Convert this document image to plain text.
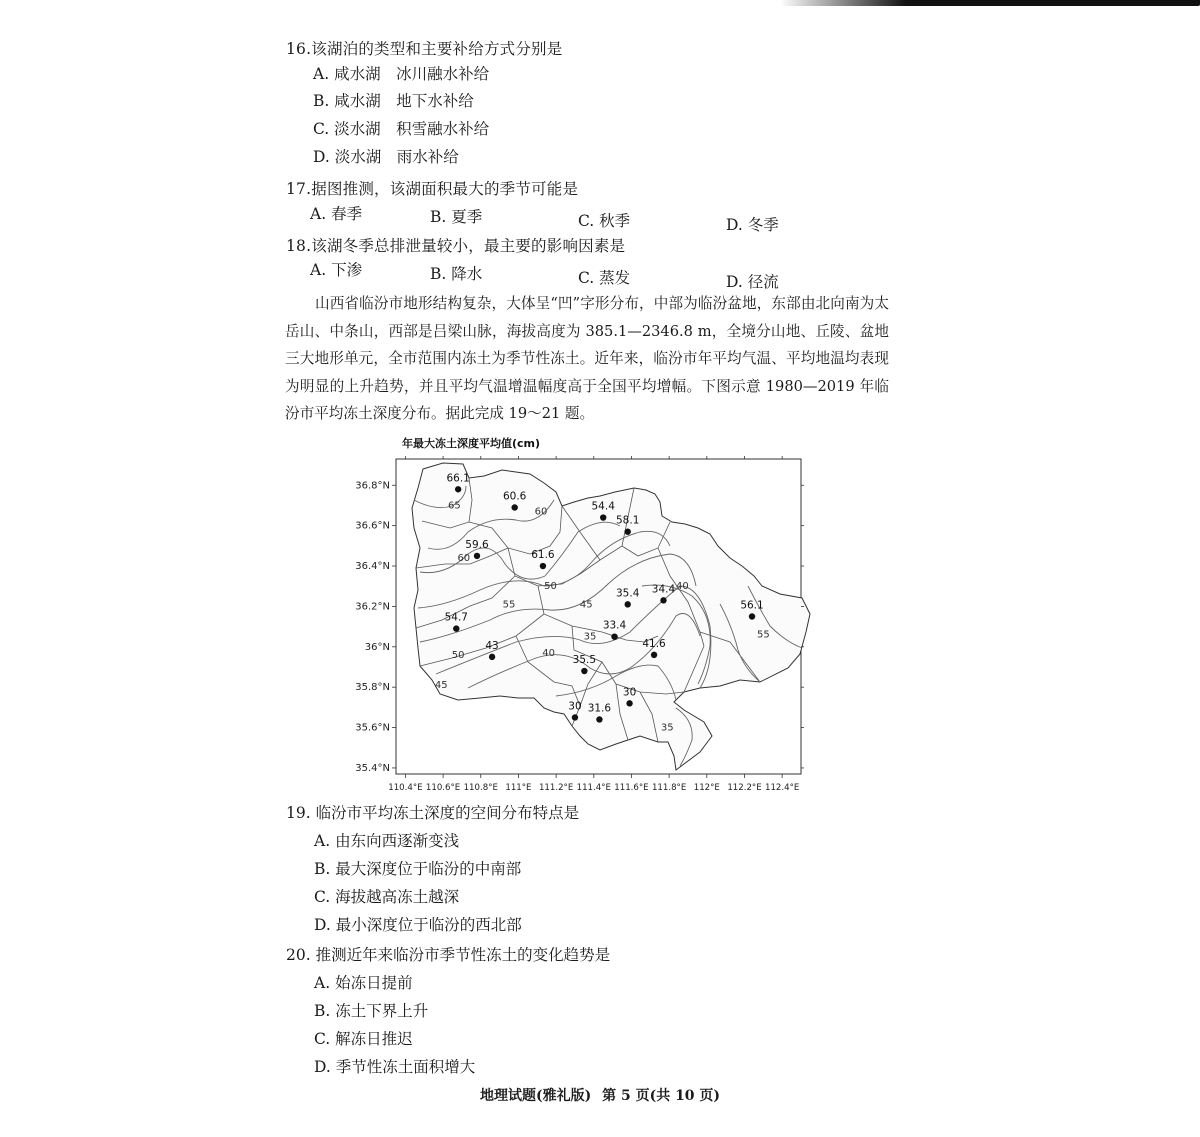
16.该湖泊的类型和主要补给方式分别是
A. 咸水湖　冰川融水补给
B. 咸水湖　地下水补给
C. 淡水湖　积雪融水补给
D. 淡水湖　雨水补给
17.据图推测，该湖面积最大的季节可能是
A. 春季	B. 夏季	C. 秋季	D. 冬季
18.该湖冬季总排泄量较小，最主要的影响因素是
A. 下渗	B. 降水	C. 蒸发	D. 径流

山西省临汾市地形结构复杂，大体呈“凹”字形分布，中部为临汾盆地，东部由北向南为太岳山、中条山，西部是吕梁山脉，海拔高度为 385.1—2346.8 m，全境分山地、丘陵、盆地三大地形单元，全市范围内冻土为季节性冻土。近年来，临汾市年平均气温、平均地温均表现为明显的上升趋势，并且平均气温增温幅度高于全国平均增幅。下图示意 1980—2019 年临汾市平均冻土深度分布。据此完成 19～21 题。

年最大冻土深度平均值(cm)
110.4°E 110.6°E 110.8°E 111°E 111.2°E 111.4°E 111.6°E 111.8°E 112°E 112.2°E 112.4°E
36.8°N
36.6°N
36.4°N
36.2°N
36°N
35.8°N
35.6°N
35.4°N
65
60
60
50
55	45
40
35
40
50
45
55
35
66.1
60.6
54.4
58.1
59.6
61.6
34.4
35.4
56.1
54.7
33.4
43	41.6
35.5
30
30 31.6
19. 临汾市平均冻土深度的空间分布特点是
A. 由东向西逐渐变浅
B. 最大深度位于临汾的中南部
C. 海拔越高冻土越深
D. 最小深度位于临汾的西北部
20. 推测近年来临汾市季节性冻土的变化趋势是
A. 始冻日提前
B. 冻土下界上升
C. 解冻日推迟
D. 季节性冻土面积增大
地理试题(雅礼版) 第 5 页(共 10 页)
